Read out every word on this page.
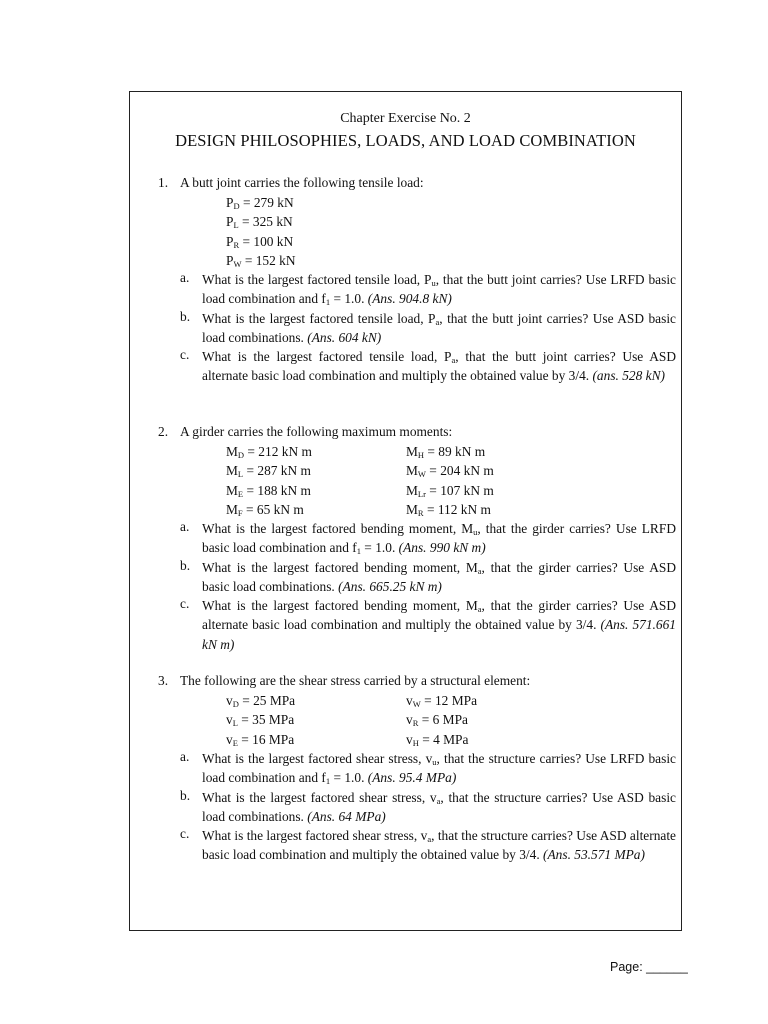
Chapter Exercise No. 2
DESIGN PHILOSOPHIES, LOADS, AND LOAD COMBINATION
1. A butt joint carries the following tensile load:
$P_D = 279$ kN
$P_L = 325$ kN
$P_R = 100$ kN
$P_W = 152$ kN
a. What is the largest factored tensile load, $P_u$, that the butt joint carries? Use LRFD basic load combination and $f_1 = 1.0$. (Ans. 904.8 kN)
b. What is the largest factored tensile load, $P_a$, that the butt joint carries? Use ASD basic load combinations. (Ans. 604 kN)
c. What is the largest factored tensile load, $P_a$, that the butt joint carries? Use ASD alternate basic load combination and multiply the obtained value by 3/4. (ans. 528 kN)
2. A girder carries the following maximum moments:
$M_D = 212$ kN m
$M_L = 287$ kN m
$M_E = 188$ kN m
$M_F = 65$ kN m
$M_H = 89$ kN m
$M_W = 204$ kN m
$M_{Lr} = 107$ kN m
$M_R = 112$ kN m
a. What is the largest factored bending moment, $M_u$, that the girder carries? Use LRFD basic load combination and $f_1 = 1.0$. (Ans. 990 kN m)
b. What is the largest factored bending moment, $M_a$, that the girder carries? Use ASD basic load combinations. (Ans. 665.25 kN m)
c. What is the largest factored bending moment, $M_a$, that the girder carries? Use ASD alternate basic load combination and multiply the obtained value by 3/4. (Ans. 571.661 kN m)
3. The following are the shear stress carried by a structural element:
$v_D = 25$ MPa
$v_L = 35$ MPa
$v_E = 16$ MPa
$v_W = 12$ MPa
$v_R = 6$ MPa
$v_H = 4$ MPa
a. What is the largest factored shear stress, $v_u$, that the structure carries? Use LRFD basic load combination and $f_1 = 1.0$. (Ans. 95.4 MPa)
b. What is the largest factored shear stress, $v_a$, that the structure carries? Use ASD basic load combinations. (Ans. 64 MPa)
c. What is the largest factored shear stress, $v_a$, that the structure carries? Use ASD alternate basic load combination and multiply the obtained value by 3/4. (Ans. 53.571 MPa)
Page: ______
